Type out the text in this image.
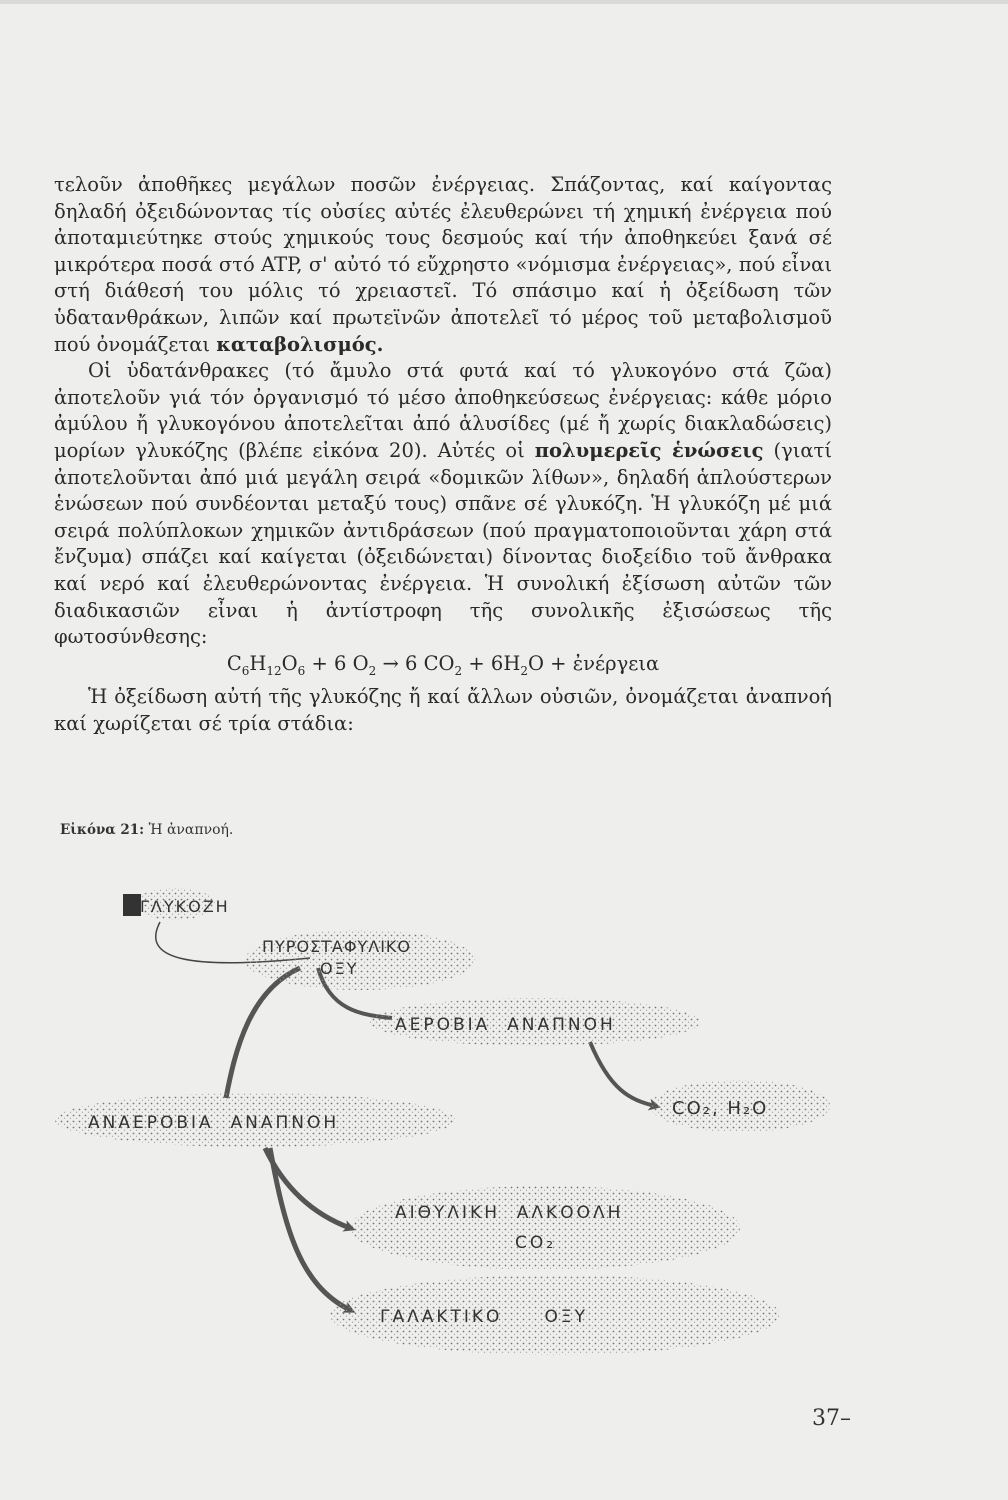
τελοῦν ἀποθῆκες μεγάλων ποσῶν ἐνέργειας. Σπάζοντας, καί καίγοντας δηλαδή ὀξειδώνοντας τίς οὐσίες αὐτές ἐλευθερώνει τή χημική ἐνέργεια πού ἀποταμιεύτηκε στούς χημικούς τους δεσμούς καί τήν ἀποθηκεύει ξανά σέ μικρότερα ποσά στό ATP, σ' αὐτό τό εὔχρηστο «νόμισμα ἐνέργειας», πού εἶναι στή διάθεσή του μόλις τό χρειαστεῖ. Τό σπάσιμο καί ἡ ὀξείδωση τῶν ὑδατανθράκων, λιπῶν καί πρωτεϊνῶν ἀποτελεῖ τό μέρος τοῦ μεταβολισμοῦ πού ὀνομάζεται καταβολισμός.

Οἱ ὑδατάνθρακες (τό ἄμυλο στά φυτά καί τό γλυκογόνο στά ζῶα) ἀποτελοῦν γιά τόν ὀργανισμό τό μέσο ἀποθηκεύσεως ἐνέργειας: κάθε μόριο ἀμύλου ἤ γλυκογόνου ἀποτελεῖται ἀπό ἁλυσίδες (μέ ἤ χωρίς διακλαδώσεις) μορίων γλυκόζης (βλέπε εἰκόνα 20). Αὐτές οἱ πολυμερεῖς ἑνώσεις (γιατί ἀποτελοῦνται ἀπό μιά μεγάλη σειρά «δομικῶν λίθων», δηλαδή ἁπλούστερων ἑνώσεων πού συνδέονται μεταξύ τους) σπᾶνε σέ γλυκόζη. Ἡ γλυκόζη μέ μιά σειρά πολύπλοκων χημικῶν ἀντιδράσεων (πού πραγματοποιοῦνται χάρη στά ἔνζυμα) σπάζει καί καίγεται (ὀξειδώνεται) δίνοντας διοξείδιο τοῦ ἄνθρακα καί νερό καί ἐλευθερώνοντας ἐνέργεια. Ἡ συνολική ἐξίσωση αὐτῶν τῶν διαδικασιῶν εἶναι ἡ ἀντίστροφη τῆς συνολικῆς ἐξισώσεως τῆς φωτοσύνθεσης:

$C_6H_{12}O_6 + 6$ $O_2 \to 6$ $CO_2 + 6H_2O$ + ἐνέργεια

Ἡ ὀξείδωση αὐτή τῆς γλυκόζης ἤ καί ἄλλων οὐσιῶν, ὀνομάζεται ἀναπνοή καί χωρίζεται σέ τρία στάδια:

Εἰκόνα 21: Ἡ ἀναπνοή.
ΓΛΥΚΟΖΗ
ΠΥΡΟΣΤΑΦΥΛΙΚΟ
ΟΞΥ
ΑΕΡΟΒΙΑ  ΑΝΑΠΝΟΗ
CO₂, H₂O
ΑΝΑΕΡΟΒΙΑ  ΑΝΑΠΝΟΗ
ΑΙΘΥΛΙΚΗ  ΑΛΚΟΟΛΗ
CO₂
ΓΑΛΑΚΤΙΚΟ     ΟΞΥ
37–
